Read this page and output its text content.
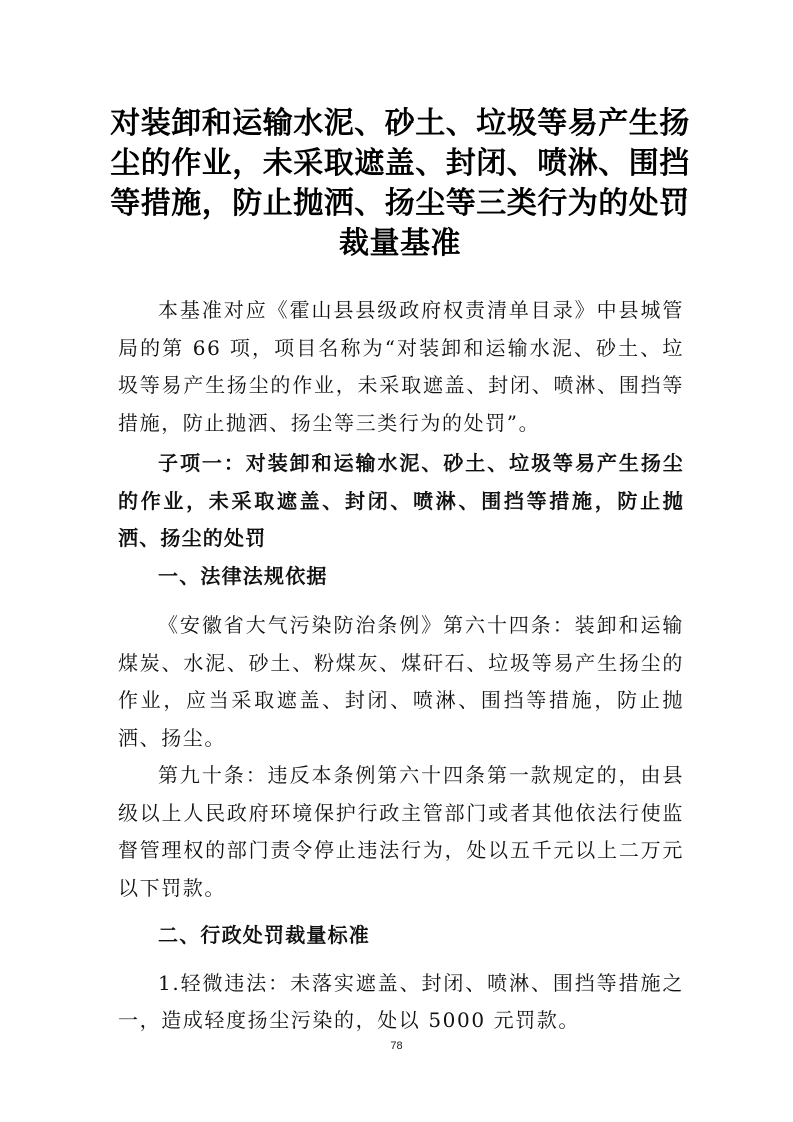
对装卸和运输水泥、砂土、垃圾等易产生扬
尘的作业，未采取遮盖、封闭、喷淋、围挡
等措施，防止抛洒、扬尘等三类行为的处罚
裁量基准

本基准对应《霍山县县级政府权责清单目录》中县城管局的第 66 项，项目名称为“对装卸和运输水泥、砂土、垃圾等易产生扬尘的作业，未采取遮盖、封闭、喷淋、围挡等措施，防止抛洒、扬尘等三类行为的处罚”。

子项一：对装卸和运输水泥、砂土、垃圾等易产生扬尘的作业，未采取遮盖、封闭、喷淋、围挡等措施，防止抛洒、扬尘的处罚

一、法律法规依据

《安徽省大气污染防治条例》第六十四条：装卸和运输煤炭、水泥、砂土、粉煤灰、煤矸石、垃圾等易产生扬尘的作业，应当采取遮盖、封闭、喷淋、围挡等措施，防止抛洒、扬尘。

第九十条：违反本条例第六十四条第一款规定的，由县级以上人民政府环境保护行政主管部门或者其他依法行使监督管理权的部门责令停止违法行为，处以五千元以上二万元以下罚款。

二、行政处罚裁量标准

1.轻微违法：未落实遮盖、封闭、喷淋、围挡等措施之一，造成轻度扬尘污染的，处以 5000 元罚款。

78
